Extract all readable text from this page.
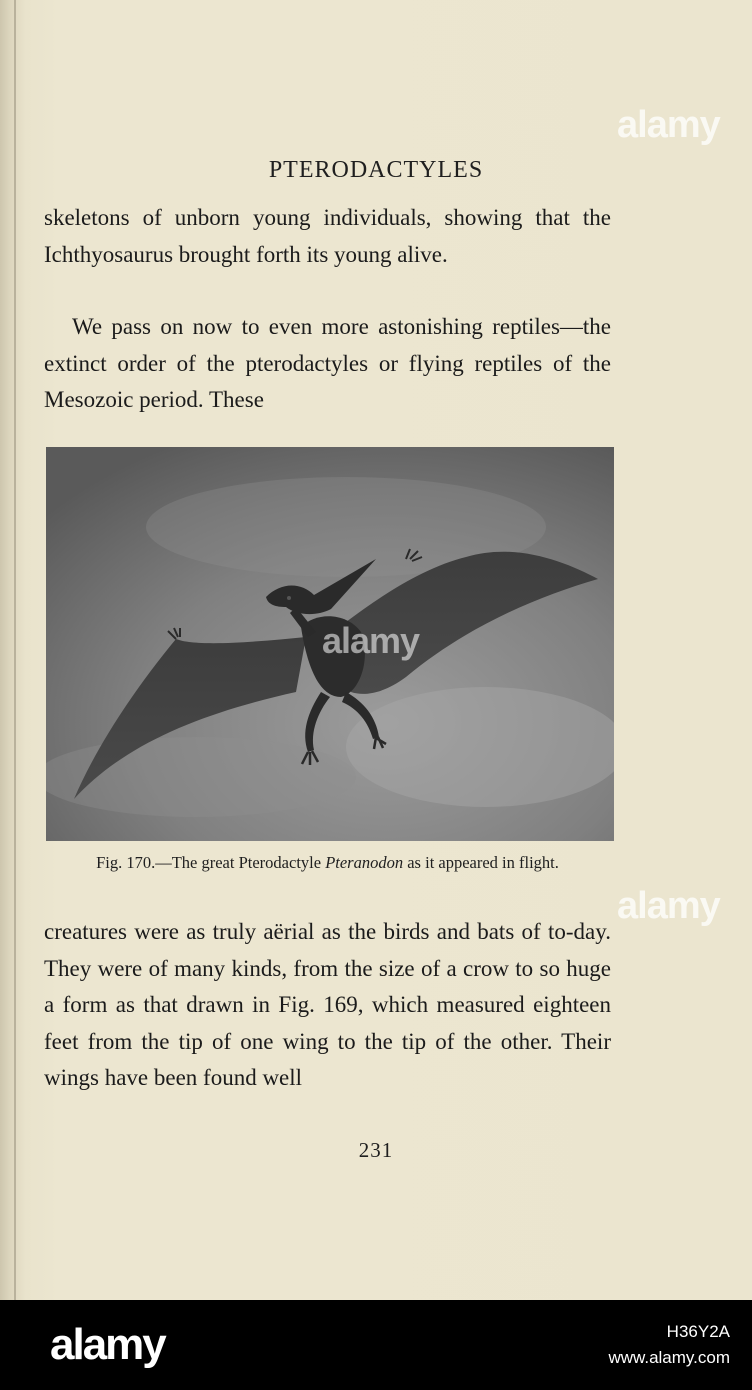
PTERODACTYLES

skeletons of unborn young individuals, showing that the Ichthyosaurus brought forth its young alive.

We pass on now to even more astonishing reptiles—the extinct order of the pterodactyles or flying reptiles of the Mesozoic period. These

Fig. 170.—The great Pterodactyle Pteranodon as it appeared in flight.

creatures were as truly aërial as the birds and bats of to-day. They were of many kinds, from the size of a crow to so huge a form as that drawn in Fig. 169, which measured eighteen feet from the tip of one wing to the tip of the other. Their wings have been found well

231
alamy
alamy
alamy
alamy	H36Y2A
www.alamy.com
